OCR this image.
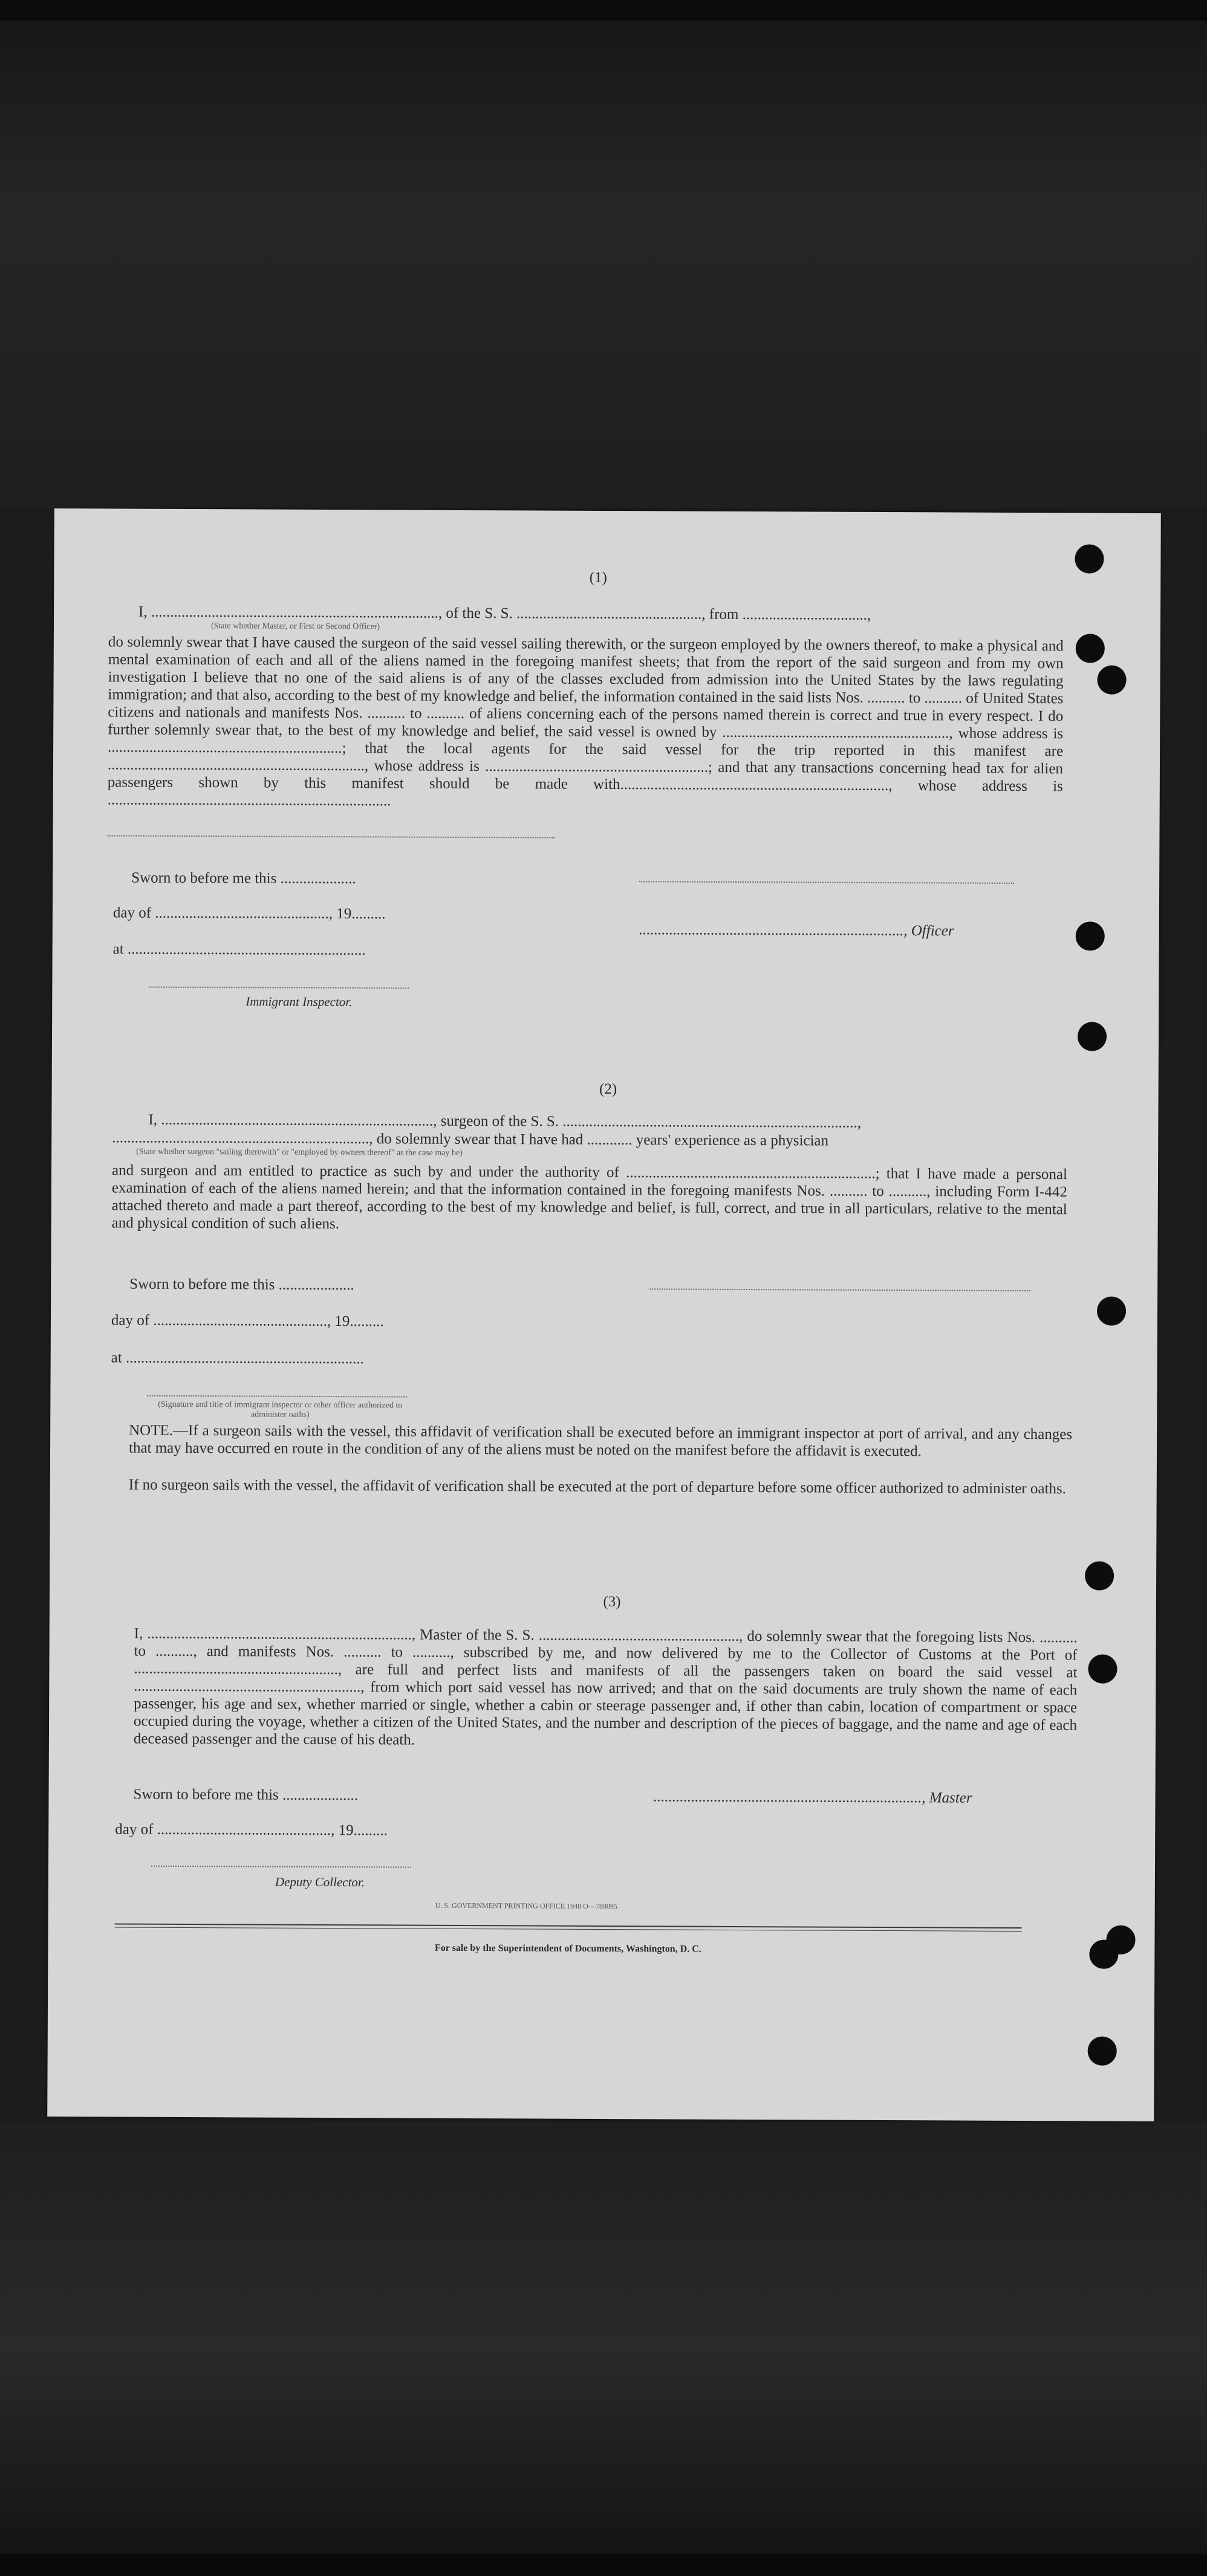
(1)
I, ............................................................................, of the S. S. ................................................., from .................................,
(State whether Master, or First or Second Officer)
do solemnly swear that I have caused the surgeon of the said vessel sailing therewith, or the surgeon employed by the owners thereof, to make a physical and mental examination of each and all of the aliens named in the foregoing manifest sheets; that from the report of the said surgeon and from my own investigation I believe that no one of the said aliens is of any of the classes excluded from admission into the United States by the laws regulating immigration; and that also, according to the best of my knowledge and belief, the information contained in the said lists Nos. .......... to .......... of United States citizens and nationals and manifests Nos. .......... to .......... of aliens concerning each of the persons named therein is correct and true in every respect. I do further solemnly swear that, to the best of my knowledge and belief, the said vessel is owned by ............................................................, whose address is ..............................................................; that the local agents for the said vessel for the trip reported in this manifest are ...................................................................., whose address is ...........................................................; and that any transactions concerning head tax for alien passengers shown by this manifest should be made with......................................................................., whose address is ...........................................................................
Sworn to before me this ....................
day of .............................................., 19.........
......................................................................, Officer
at ...............................................................
Immigrant Inspector.
(2)
I, ........................................................................, surgeon of the S. S. ..............................................................................,
...................................................................., do solemnly swear that I have had ............ years' experience as a physician
(State whether surgeon "sailing therewith" or "employed by owners thereof" as the case may be)
and surgeon and am entitled to practice as such by and under the authority of ..................................................................; that I have made a personal examination of each of the aliens named herein; and that the information contained in the foregoing manifests Nos. .......... to .........., including Form I-442 attached thereto and made a part thereof, according to the best of my knowledge and belief, is full, correct, and true in all particulars, relative to the mental and physical condition of such aliens.
Sworn to before me this ....................
day of .............................................., 19.........
at ...............................................................
(Signature and title of immigrant inspector or other officer authorized to administer oaths)
NOTE.—If a surgeon sails with the vessel, this affidavit of verification shall be executed before an immigrant inspector at port of arrival, and any changes that may have occurred en route in the condition of any of the aliens must be noted on the manifest before the affidavit is executed.
If no surgeon sails with the vessel, the affidavit of verification shall be executed at the port of departure before some officer authorized to administer oaths.
(3)
I, ......................................................................, Master of the S. S. ....................................................., do solemnly swear that the foregoing lists Nos. .......... to .........., and manifests Nos. .......... to .........., subscribed by me, and now delivered by me to the Collector of Customs at the Port of ......................................................, are full and perfect lists and manifests of all the passengers taken on board the said vessel at ............................................................, from which port said vessel has now arrived; and that on the said documents are truly shown the name of each passenger, his age and sex, whether married or single, whether a cabin or steerage passenger and, if other than cabin, location of compartment or space occupied during the voyage, whether a citizen of the United States, and the number and description of the pieces of baggage, and the name and age of each deceased passenger and the cause of his death.
Sworn to before me this ....................	......................................................................., Master
day of .............................................., 19.........
Deputy Collector.
U. S. GOVERNMENT PRINTING OFFICE 1948 O—780095
For sale by the Superintendent of Documents, Washington, D. C.
